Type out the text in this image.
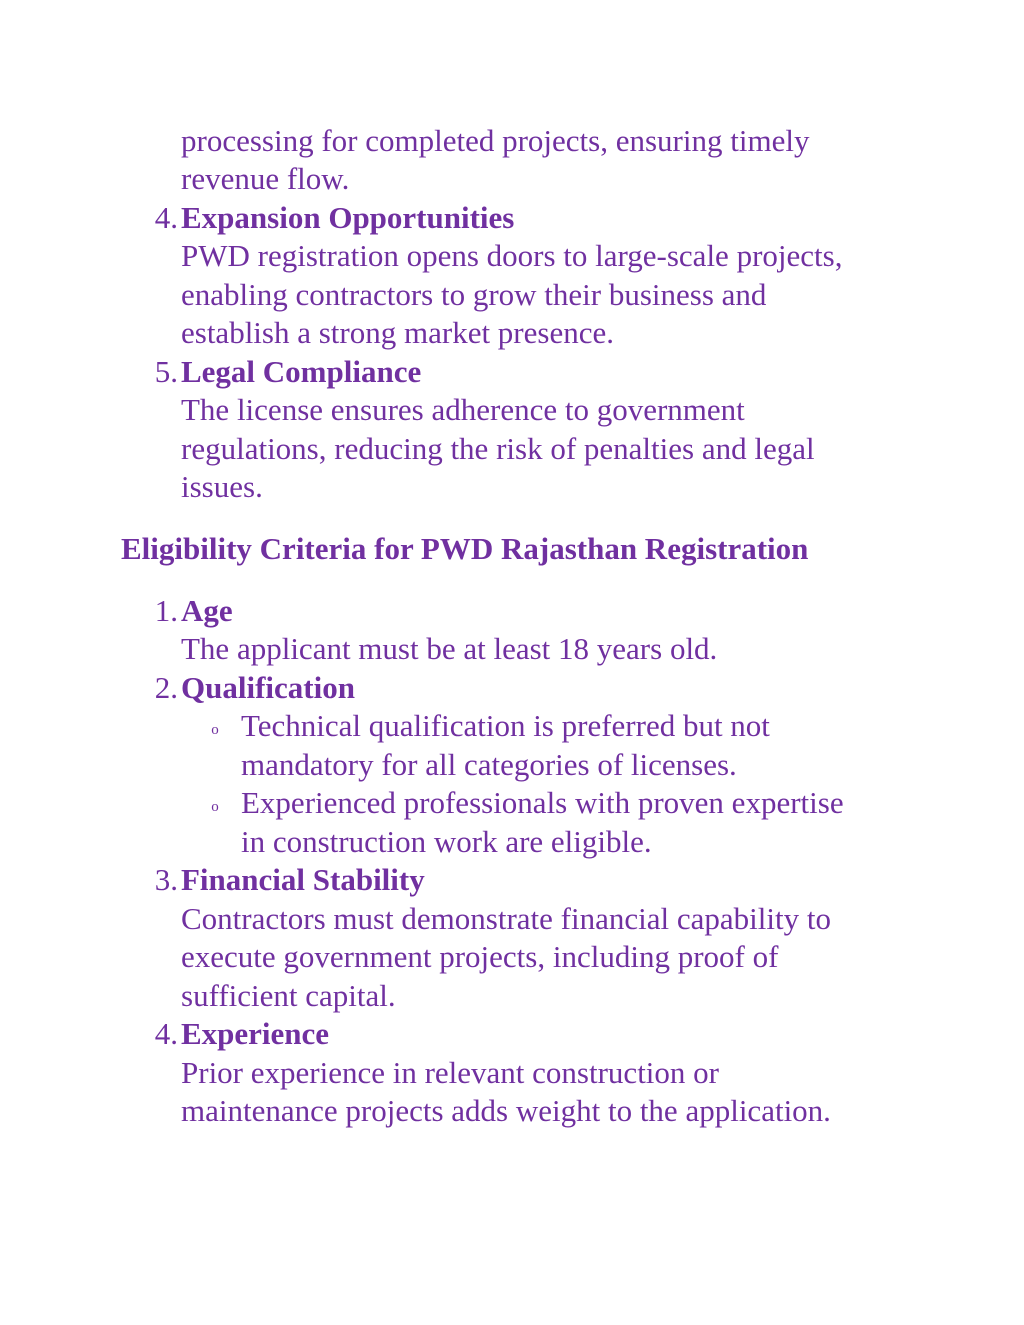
processing for completed projects, ensuring timely
revenue flow.
4. Expansion Opportunities
PWD registration opens doors to large-scale projects,
enabling contractors to grow their business and
establish a strong market presence.
5. Legal Compliance
The license ensures adherence to government
regulations, reducing the risk of penalties and legal
issues.
Eligibility Criteria for PWD Rajasthan Registration
1. Age
The applicant must be at least 18 years old.
2. Qualification
o Technical qualification is preferred but not
mandatory for all categories of licenses.
o Experienced professionals with proven expertise
in construction work are eligible.
3. Financial Stability
Contractors must demonstrate financial capability to
execute government projects, including proof of
sufficient capital.
4. Experience
Prior experience in relevant construction or
maintenance projects adds weight to the application.
